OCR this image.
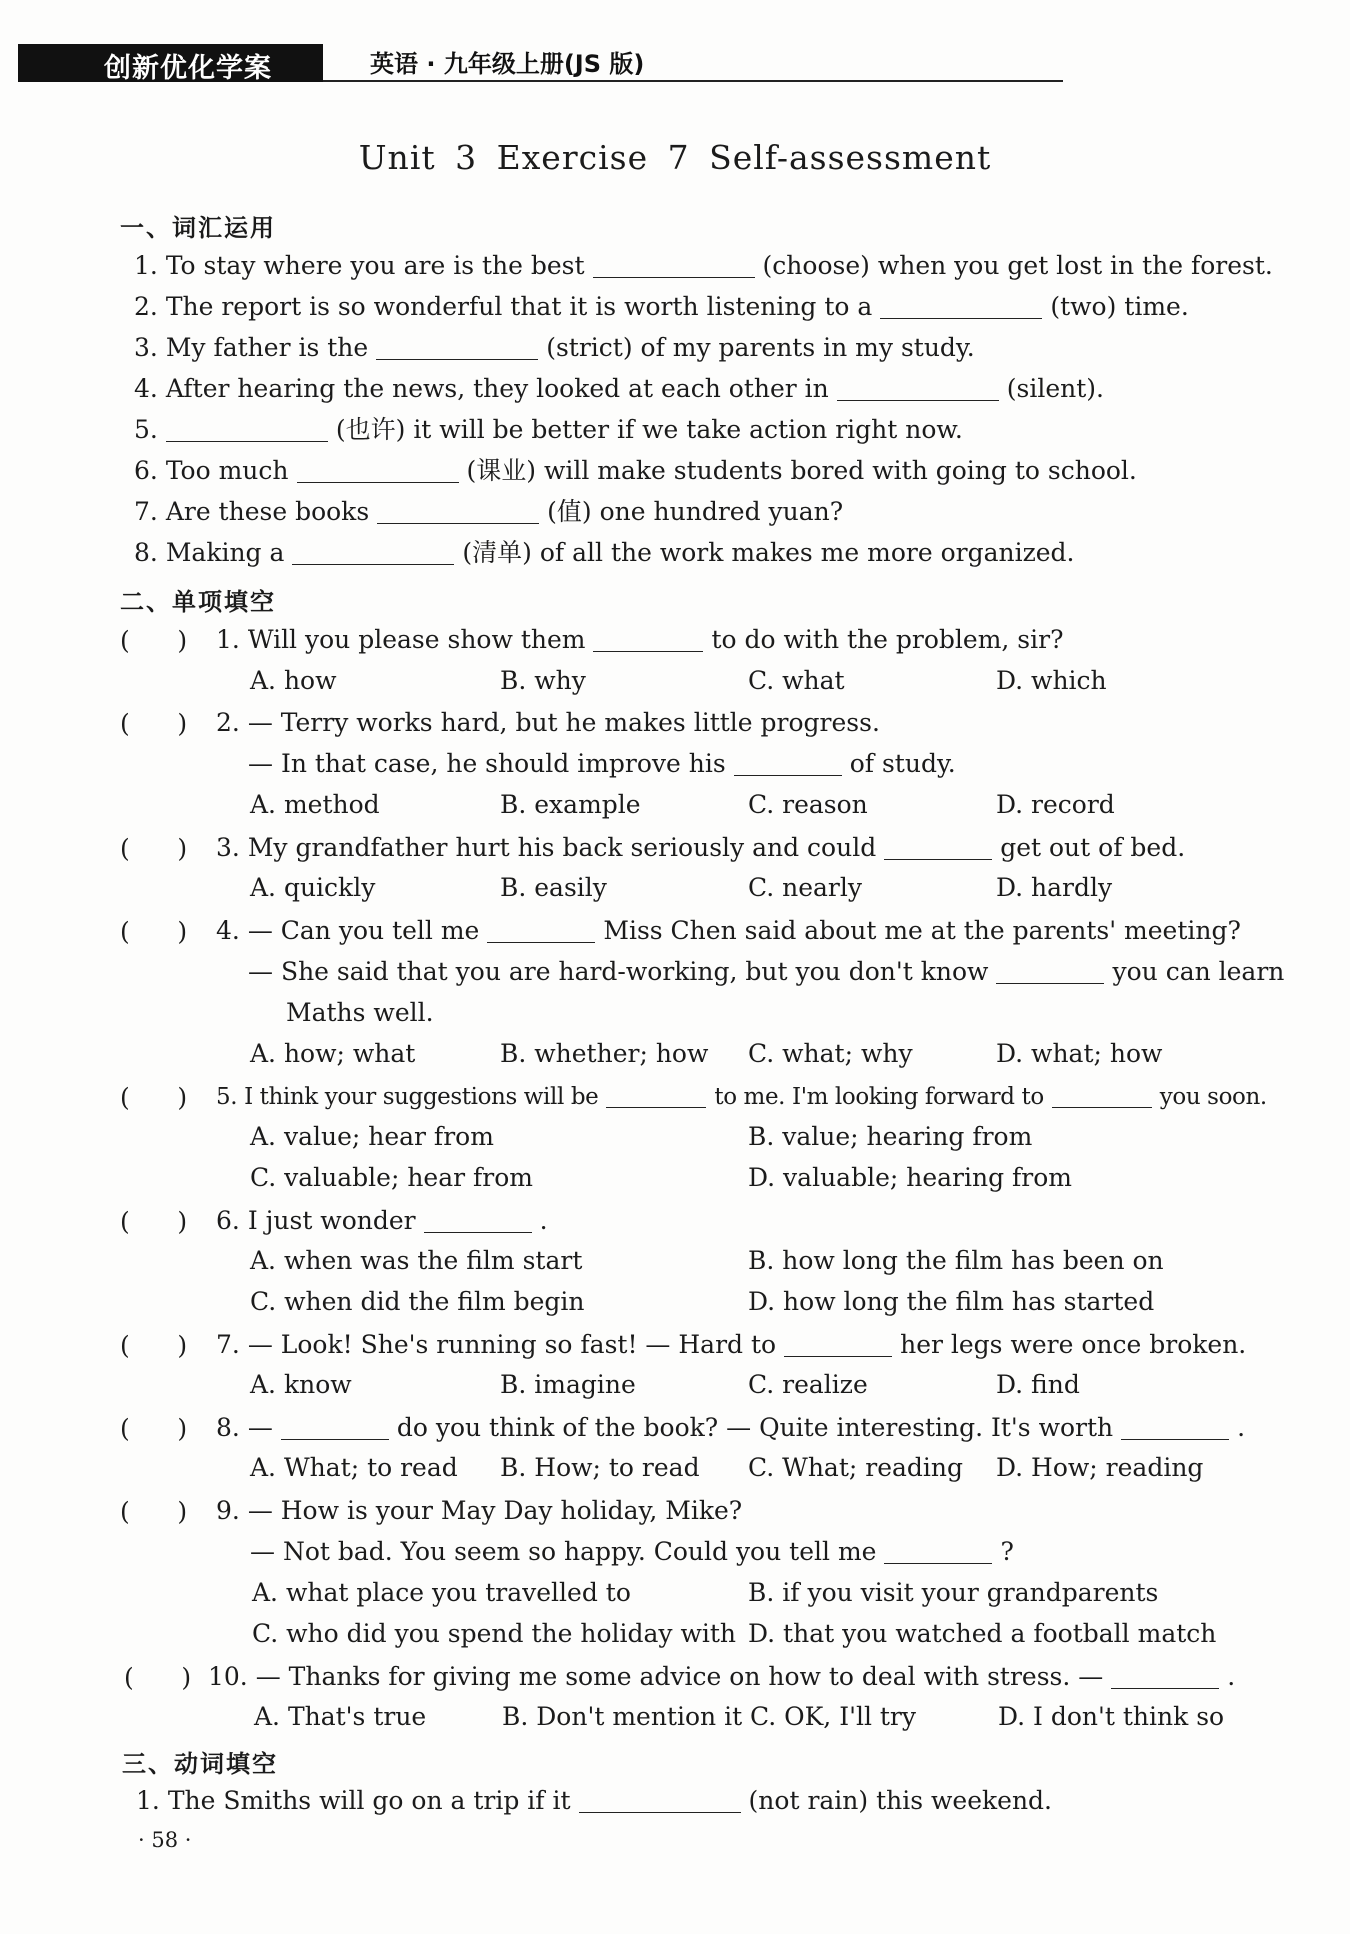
创新优化学案	英语 · 九年级上册(JS 版)
Unit 3 Exercise 7 Self-assessment
一、词汇运用
1. To stay where you are is the best	(choose) when you get lost in the forest.
2. The report is so wonderful that it is worth listening to a	(two) time.
3. My father is the	(strict) of my parents in my study.
4. After hearing the news, they looked at each other in	(silent).
5.	(也许) it will be better if we take action right now.
6. Too much	(课业) will make students bored with going to school.
7. Are these books	(值) one hundred yuan?
8. Making a	(清单) of all the work makes me more organized.
二、单项填空
(      ) 1. Will you please show them	to do with the problem, sir?
A. how	B. why	C. what	D. which
(      ) 2. — Terry works hard, but he makes little progress.
— In that case, he should improve his	of study.
A. method	B. example	C. reason	D. record
(      ) 3. My grandfather hurt his back seriously and could	get out of bed.
A. quickly	B. easily	C. nearly	D. hardly
(      ) 4. — Can you tell me	Miss Chen said about me at the parents' meeting?
— She said that you are hard-working, but you don't know	you can learn
Maths well.
A. how; what	B. whether; how C. what; why	D. what; how
(      ) 5. I think your suggestions will be	to me. I'm looking forward to	you soon.
A. value; hear from	B. value; hearing from
C. valuable; hear from	D. valuable; hearing from
(      ) 6. I just wonder	.
A. when was the film start	B. how long the film has been on
C. when did the film begin	D. how long the film has started
(      ) 7. — Look! She's running so fast! — Hard to	her legs were once broken.
A. know	B. imagine	C. realize	D. find
(      ) 8. —	do you think of the book? — Quite interesting. It's worth	.
A. What; to read B. How; to read C. What; reading D. How; reading
(      ) 9. — How is your May Day holiday, Mike?
— Not bad. You seem so happy. Could you tell me	?
A. what place you travelled to	B. if you visit your grandparents
C. who did you spend the holiday with D. that you watched a football match
(      ) 10. — Thanks for giving me some advice on how to deal with stress. —	.
A. That's true	B. Don't mention it C. OK, I'll try	D. I don't think so
三、动词填空
1. The Smiths will go on a trip if it	(not rain) this weekend.
· 58 ·
